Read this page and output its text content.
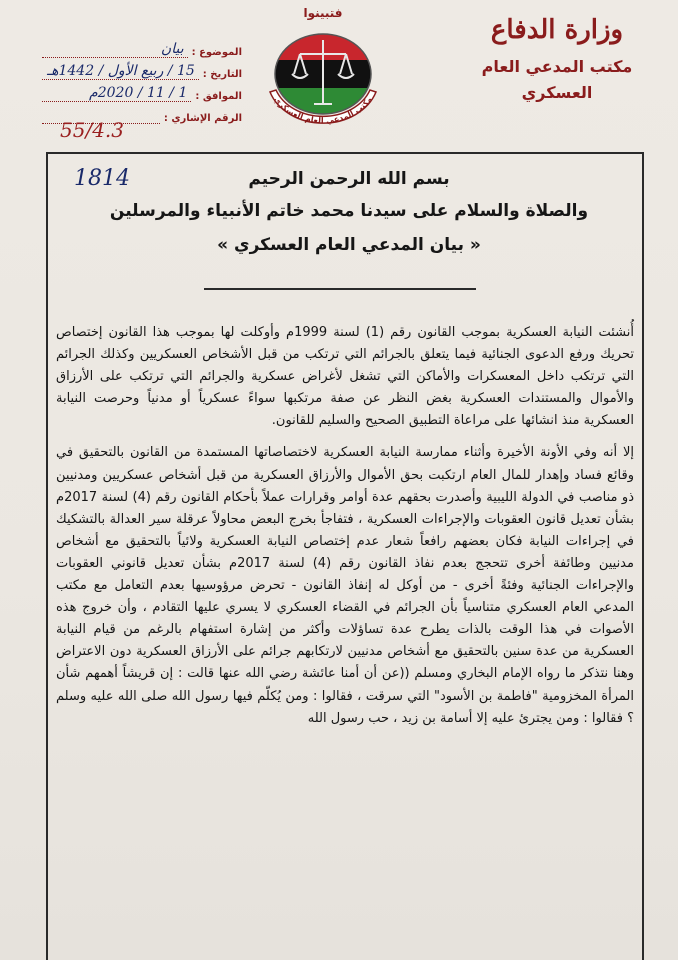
وزارة الدفاع
مكتب المدعي العام العسكري
فتبينوا
مكتب المدعي العام العسكري
الموضوع :
بيان
التاريخ :
15 / ربيع الأول / 1442هـ
الموافق :
1 / 11 / 2020م
الرقم الإشاري :
55/4.3
1814	بسم الله الرحمن الرحيم
والصلاة والسلام على سيدنا محمد خاتم الأنبياء والمرسلين
« بيان المدعي العام العسكري »

أُنشئت النيابة العسكرية بموجب القانون رقم (1) لسنة 1999م وأوكلت لها بموجب هذا القانون إختصاص تحريك ورفع الدعوى الجنائية فيما يتعلق بالجرائم التي ترتكب من قبل الأشخاص العسكريين وكذلك الجرائم التي ترتكب داخل المعسكرات والأماكن التي تشغل لأغراض عسكرية والجرائم التي ترتكب على الأرزاق والأموال والمستندات العسكرية بغض النظر عن صفة مرتكبها سواءً عسكرياً أو مدنياً وحرصت النيابة العسكرية منذ انشائها على مراعاة التطبيق الصحيح والسليم للقانون.

إلا أنه وفي الأونة الأخيرة وأثناء ممارسة النيابة العسكرية لاختصاصاتها المستمدة من القانون بالتحقيق في وقائع فساد وإهدار للمال العام ارتكبت بحق الأموال والأرزاق العسكرية من قبل أشخاص عسكريين ومدنيين ذو مناصب في الدولة الليبية وأصدرت بحقهم عدة أوامر وقرارات عملاً بأحكام القانون رقم (4) لسنة 2017م بشأن تعديل قانون العقوبات والإجراءات العسكرية ، فتفاجأ بخرج البعض محاولاً عرقلة سير العدالة بالتشكيك في إجراءات النيابة فكان بعضهم رافعاً شعار عدم إختصاص النيابة العسكرية ولائياً بالتحقيق مع أشخاص مدنيين وطائفة أخرى تتحجج بعدم نفاذ القانون رقم (4) لسنة 2017م بشأن تعديل قانوني العقوبات والإجراءات الجنائية وفئةً أخرى - من أوكل له إنفاذ القانون - تحرض مرؤوسيها بعدم التعامل مع مكتب المدعي العام العسكري متناسياً بأن الجرائم في القضاء العسكري لا يسري عليها التقادم ، وأن خروج هذه الأصوات في هذا الوقت بالذات يطرح عدة تساؤلات وأكثر من إشارة استفهام بالرغم من قيام النيابة العسكرية من عدة سنين بالتحقيق مع أشخاص مدنيين لارتكابهم جرائم على الأرزاق العسكرية دون الاعتراض وهنا نتذكر ما رواه الإمام البخاري ومسلم ((عن أن أمنا عائشة رضي الله عنها قالت : إن قريشاً أهمهم شأن المرأة المخزومية "فاطمة بن الأسود" التي سرقت ، فقالوا : ومن يُكلّم فيها رسول الله صلى الله عليه وسلم ؟ فقالوا : ومن يجترئ عليه إلا أسامة بن زيد ، حب رسول الله
